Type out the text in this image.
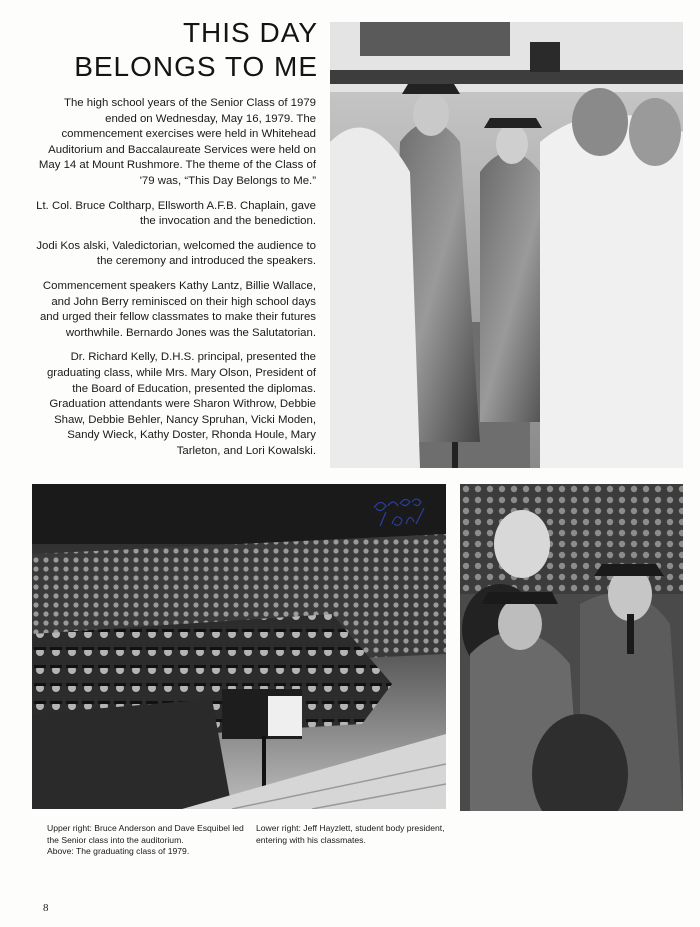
THIS DAY
BELONGS TO ME

The high school years of the Senior Class of 1979 ended on Wednesday, May 16, 1979. The commencement exercises were held in Whitehead Auditorium and Baccalaureate Services were held on May 14 at Mount Rushmore. The theme of the Class of '79 was, “This Day Belongs to Me.”

Lt. Col. Bruce Coltharp, Ellsworth A.F.B. Chaplain, gave the invocation and the benediction.

Jodi Kos alski, Valedictorian, welcomed the audience to the ceremony and introduced the speakers.

Commencement speakers Kathy Lantz, Billie Wallace, and John Berry reminisced on their high school days and urged their fellow classmates to make their futures worthwhile. Bernardo Jones was the Salutatorian.

Dr. Richard Kelly, D.H.S. principal, presented the graduating class, while Mrs. Mary Olson, President of the Board of Education, presented the diplomas. Graduation attendants were Sharon Withrow, Debbie Shaw, Debbie Behler, Nancy Spruhan, Vicki Moden, Sandy Wieck, Kathy Doster, Rhonda Houle, Mary Tarleton, and Lori Kowalski.

Upper right: Bruce Anderson and Dave Esquibel led the Senior class into the auditorium.
Above: The graduating class of 1979.
Lower right: Jeff Hayzlett, student body president, entering with his classmates.
8
